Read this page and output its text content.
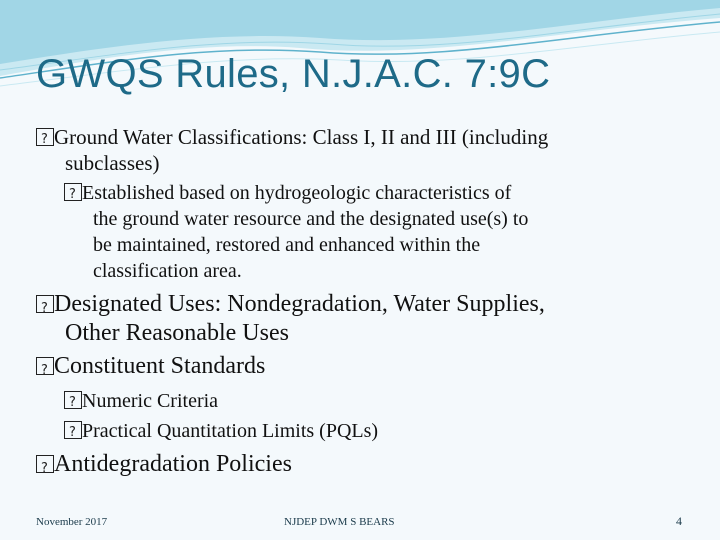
GWQS Rules, N.J.A.C. 7:9C
?Ground Water Classifications: Class I, II and III (including
subclasses)
?Established based on hydrogeologic characteristics of
the ground water resource and the designated use(s) to
be maintained, restored and enhanced within the
classification area.
?Designated Uses: Nondegradation, Water Supplies,
Other Reasonable Uses
?Constituent Standards
?Numeric Criteria
?Practical Quantitation Limits (PQLs)
?Antidegradation Policies
November 2017	NJDEP DWM S BEARS	4
